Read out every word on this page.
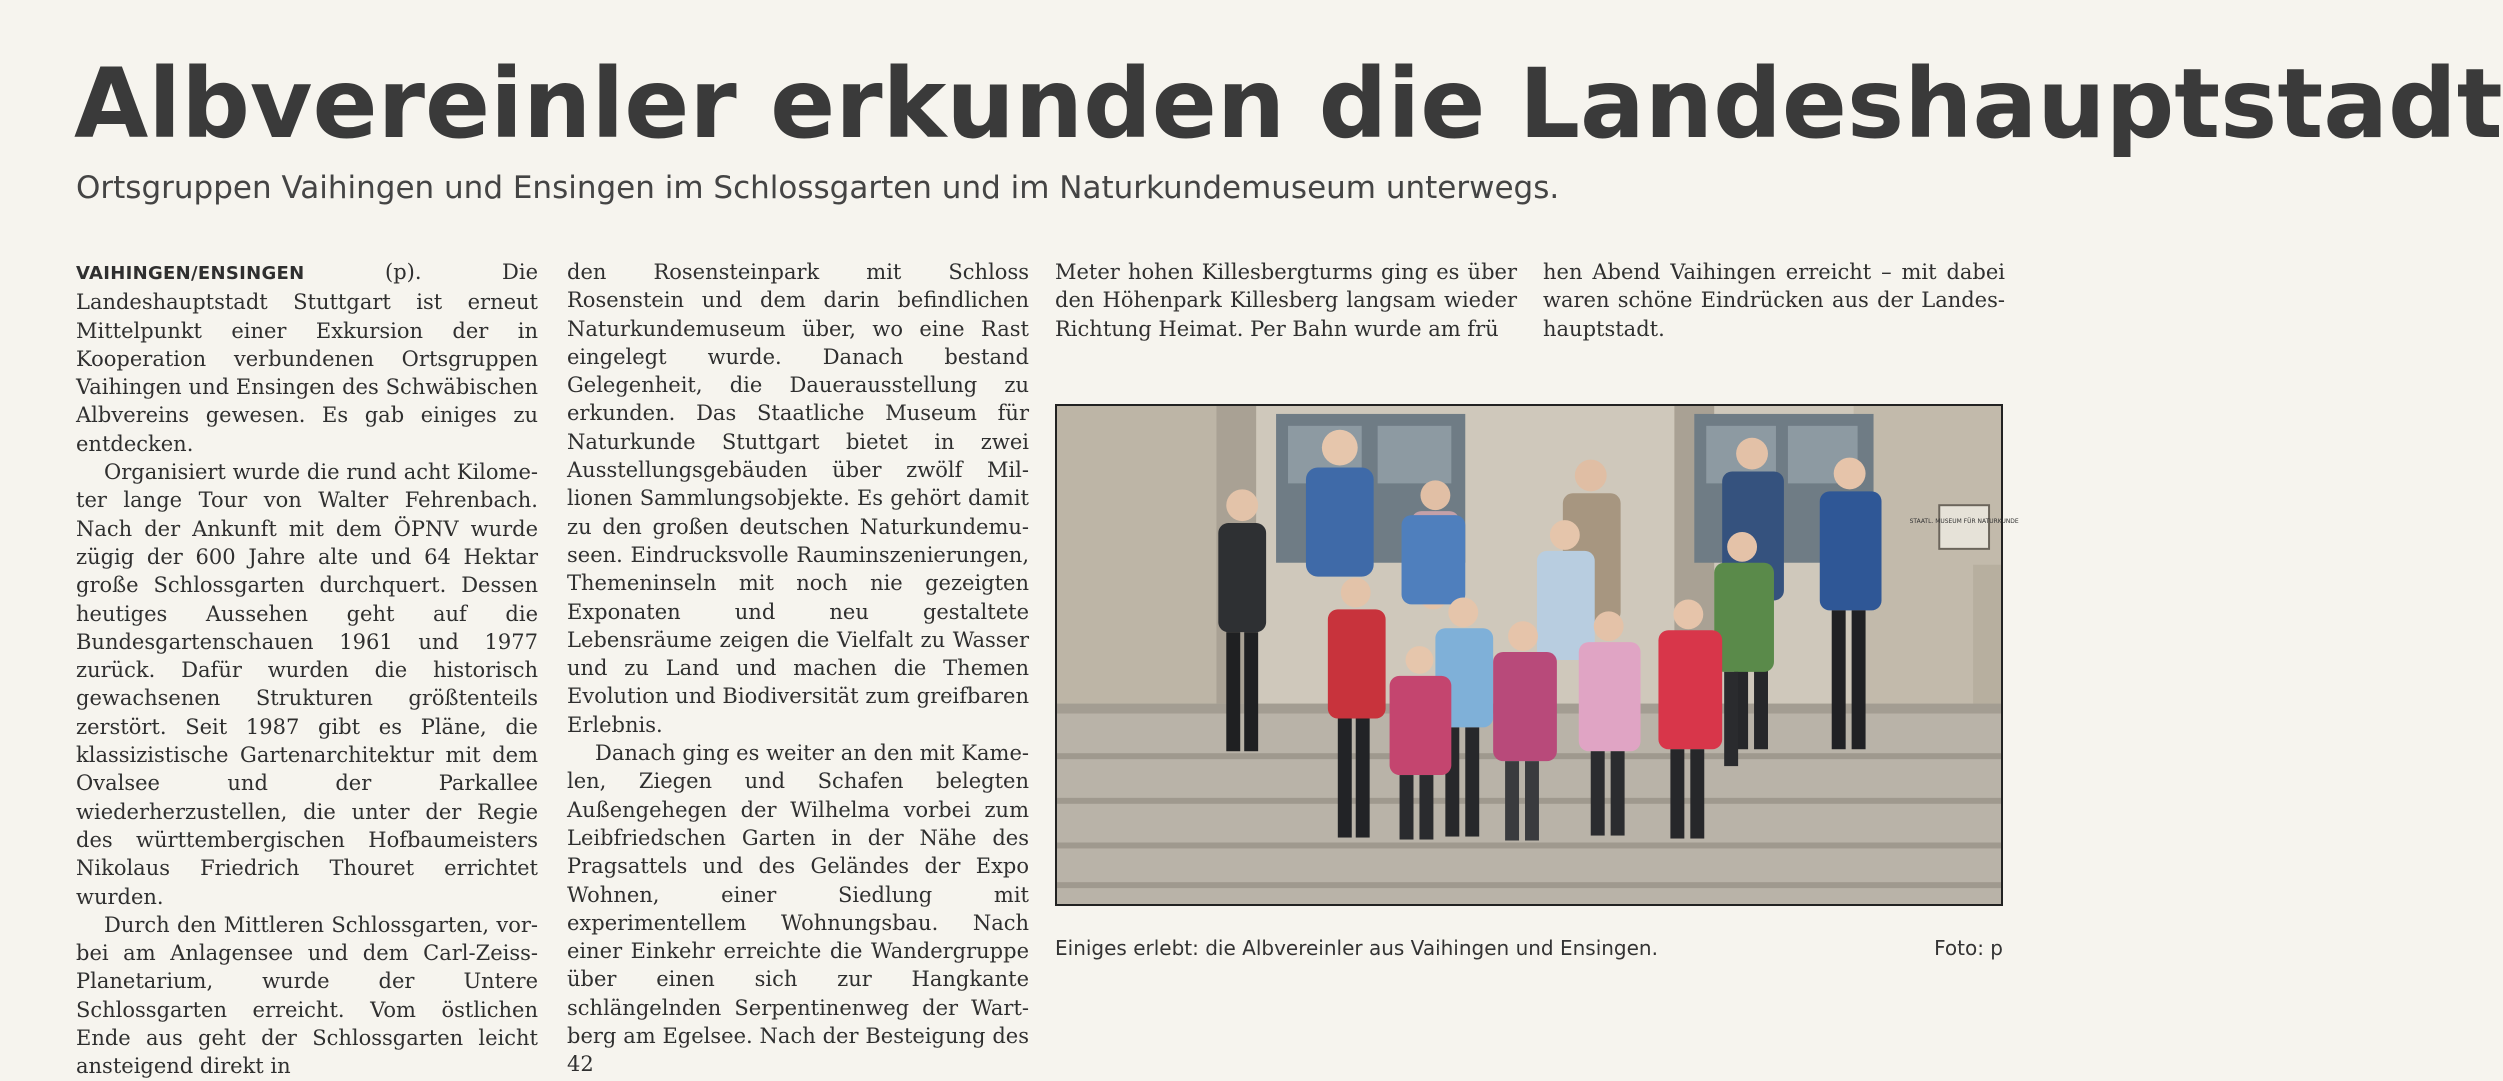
Albvereinler erkunden die Landeshauptstadt

Ortsgruppen Vaihingen und Ensingen im Schlossgarten und im Naturkundemuseum unterwegs.

VAIHINGEN/ENSINGEN (p). Die Landeshauptstadt Stuttgart ist erneut Mittelpunkt einer Exkursion der in Kooperation verbundenen Ortsgruppen Vaihingen und Ensingen des Schwäbischen Albvereins gewesen. Es gab einiges zu entdecken.

Organisiert wurde die rund acht Kilometer lange Tour von Walter Fehrenbach. Nach der Ankunft mit dem ÖPNV wurde zügig der 600 Jahre alte und 64 Hektar große Schlossgarten durchquert. Dessen heutiges Aussehen geht auf die Bundesgartenschauen 1961 und 1977 zurück. Dafür wurden die historisch gewachsenen Strukturen größtenteils zerstört. Seit 1987 gibt es Pläne, die klassizistische Gartenarchitektur mit dem Ovalsee und der Parkallee wiederherzustellen, die unter der Regie des württembergischen Hofbaumeisters Nikolaus Friedrich Thouret errichtet wurden.

Durch den Mittleren Schlossgarten, vorbei am Anlagensee und dem Carl-Zeiss-Planetarium, wurde der Untere Schlossgarten erreicht. Vom östlichen Ende aus geht der Schlossgarten leicht ansteigend direkt in

den Rosensteinpark mit Schloss Rosenstein und dem darin befindlichen Naturkundemuseum über, wo eine Rast eingelegt wurde. Danach bestand Gelegenheit, die Dauerausstellung zu erkunden. Das Staatliche Museum für Naturkunde Stuttgart bietet in zwei Ausstellungsgebäuden über zwölf Millionen Sammlungsobjekte. Es gehört damit zu den großen deutschen Naturkundemuseen. Eindrucksvolle Rauminszenierungen, Themeninseln mit noch nie gezeigten Exponaten und neu gestaltete Lebensräume zeigen die Vielfalt zu Wasser und zu Land und machen die Themen Evolution und Biodiversität zum greifbaren Erlebnis.

Danach ging es weiter an den mit Kamelen, Ziegen und Schafen belegten Außengehegen der Wilhelma vorbei zum Leibfriedschen Garten in der Nähe des Pragsattels und des Geländes der Expo Wohnen, einer Siedlung mit experimentellem Wohnungsbau. Nach einer Einkehr erreichte die Wandergruppe über einen sich zur Hangkante schlängelnden Serpentinenweg der Wartberg am Egelsee. Nach der Besteigung des 42

Meter hohen Killesbergturms ging es über den Höhenpark Killesberg langsam wieder Richtung Heimat. Per Bahn wurde am frü

hen Abend Vaihingen erreicht – mit dabei waren schöne Eindrücken aus der Landeshauptstadt.

STAATL. MUSEUM FÜR NATURKUNDE
Einiges erlebt: die Albvereinler aus Vaihingen und Ensingen.	Foto: p
